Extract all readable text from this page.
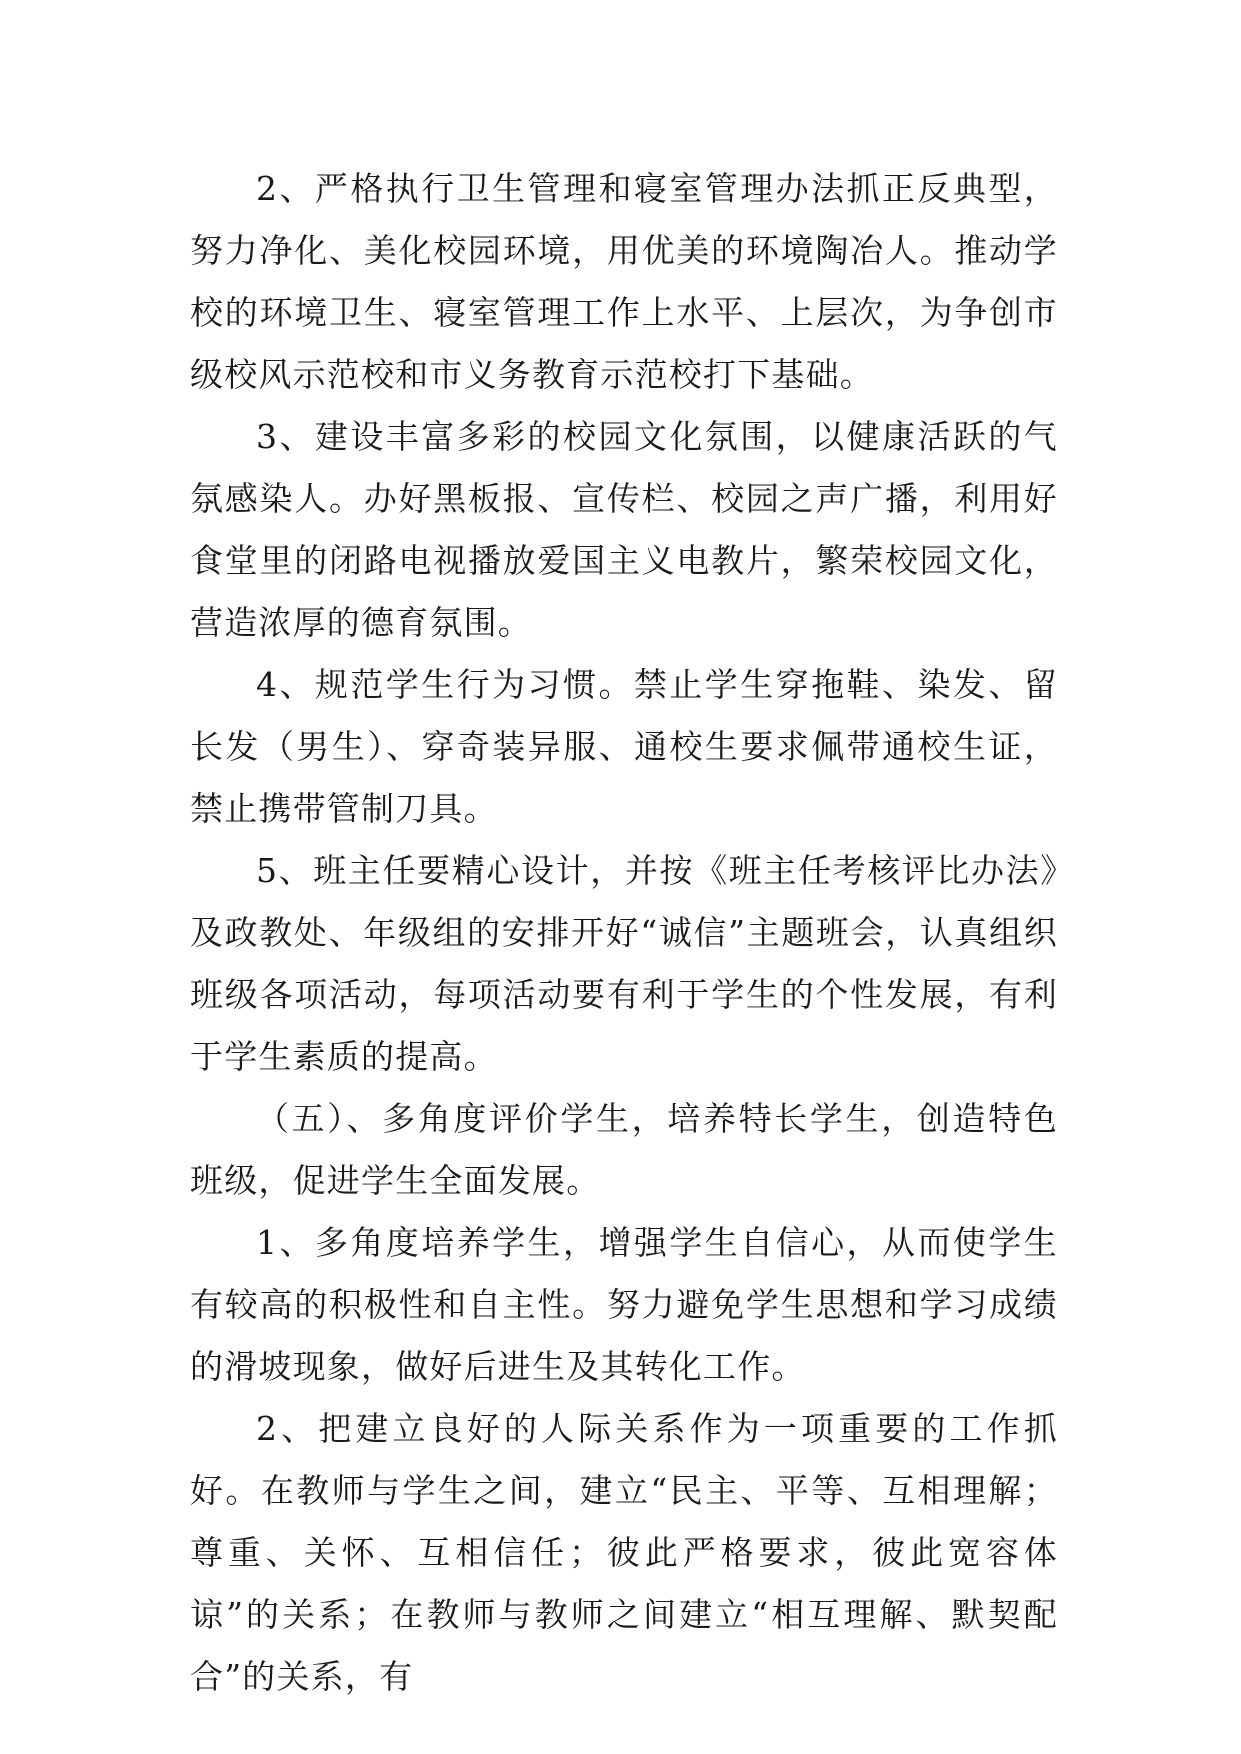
2、严格执行卫生管理和寝室管理办法抓正反典型，努力净化、美化校园环境，用优美的环境陶冶人。推动学校的环境卫生、寝室管理工作上水平、上层次，为争创市级校风示范校和市义务教育示范校打下基础。

3、建设丰富多彩的校园文化氛围，以健康活跃的气氛感染人。办好黑板报、宣传栏、校园之声广播，利用好食堂里的闭路电视播放爱国主义电教片，繁荣校园文化，营造浓厚的德育氛围。

4、规范学生行为习惯。禁止学生穿拖鞋、染发、留长发（男生）、穿奇装异服、通校生要求佩带通校生证，禁止携带管制刀具。

5、班主任要精心设计，并按《班主任考核评比办法》及政教处、年级组的安排开好“诚信”主题班会，认真组织班级各项活动，每项活动要有利于学生的个性发展，有利于学生素质的提高。

（五）、多角度评价学生，培养特长学生，创造特色班级，促进学生全面发展。

1、多角度培养学生，增强学生自信心，从而使学生有较高的积极性和自主性。努力避免学生思想和学习成绩的滑坡现象，做好后进生及其转化工作。

2、把建立良好的人际关系作为一项重要的工作抓好。在教师与学生之间，建立“民主、平等、互相理解；尊重、关怀、互相信任；彼此严格要求，彼此宽容体谅”的关系；在教师与教师之间建立“相互理解、默契配合”的关系，有
